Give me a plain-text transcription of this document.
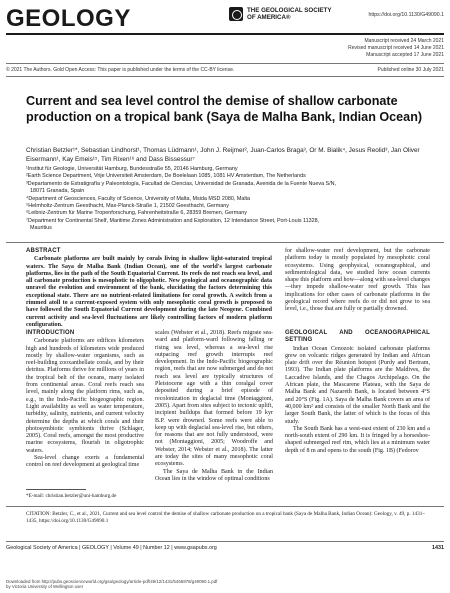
GEOLOGY	THE GEOLOGICAL SOCIETY
OF AMERICA®	https://doi.org/10.1130/G49090.1
Manuscript received 24 March 2021
Revised manuscript received 14 June 2021
Manuscript accepted 17 June 2021
© 2021 The Authors. Gold Open Access: This paper is published under the terms of the CC-BY license.	Published online 30 July 2021
Current and sea level control the demise of shallow carbonate production on a tropical bank (Saya de Malha Bank, Indian Ocean)
Christian Betzler¹*, Sebastian Lindhorst¹, Thomas Lüdmann¹, John J. Reijmer², Juan-Carlos Braga³, Or M. Bialik⁴, Jesus Reolid³, Jan Oliver Eisermann¹, Kay Emeis¹⁵, Tim Rixen¹⁶ and Dass Bissessur⁷
¹Institut für Geologie, Universität Hamburg, Bundesstraße 55, 20146 Hamburg, Germany
²Earth Science Department, Vrije Universiteit Amsterdam, De Boelelaan 1085, 1081 HV Amsterdam, The Netherlands
³Departamento de Estratigrafía y Paleontología, Facultad de Ciencias, Universidad de Granada, Avenida de la Fuente Nueva S/N,
18071 Granada, Spain
⁴Department of Geosciences, Faculty of Science, University of Malta, Msida MSD 2080, Malta
⁵Helmholtz-Zentrum Geesthacht, Max-Planck-Straße 1, 21502 Geesthacht, Germany
⁶Leibniz-Zentrum für Marine Tropenforschung, Fahrenheitstraße 6, 28359 Bremen, Germany
⁷Department for Continental Shelf, Maritime Zones Administration and Exploration, 12 Intendance Street, Port-Louis 11328,
Mauritius
ABSTRACT

Carbonate platforms are built mainly by corals living in shallow light-saturated tropical waters. The Saya de Malha Bank (Indian Ocean), one of the world's largest carbonate platforms, lies in the path of the South Equatorial Current. Its reefs do not reach sea level, and all carbonate production is mesophotic to oligophotic. New geological and oceanographic data unravel the evolution and environment of the bank, elucidating the factors determining this exceptional state. There are no nutrient-related limitations for coral growth. A switch from a rimmed atoll to a current-exposed system with only mesophotic coral growth is proposed to have followed the South Equatorial Current development during the late Neogene. Combined current activity and sea-level fluctuations are likely controlling factors of modern platform configuration.

for shallow-water reef development, but the carbonate platform today is mostly populated by mesophotic coral ecosystems. Using geophysical, oceanographical, and sedimentological data, we studied how ocean currents shape this platform and how—along with sea-level changes—they impede shallow-water reef growth. This has implications for other cases of carbonate platforms in the geological record where reefs do or did not grow to sea level, i.e., those that are fully or partially drowned.

INTRODUCTION

Carbonate platforms are edifices kilometers high and hundreds of kilometers wide produced mostly by shallow-water organisms, such as reef-building zooxanthellate corals, and by their detritus. Platforms thrive for millions of years in the tropical belt of the oceans, many isolated from continental areas. Coral reefs reach sea level, mainly along the platform rims, such as, e.g., in the Indo-Pacific biogeographic region. Light availability as well as water temperature, turbidity, salinity, nutrients, and current velocity determine the depths at which corals and their photosymbiotic symbionts thrive (Schlager, 2005). Coral reefs, amongst the most productive marine ecosystems, flourish in oligotrophic waters.

Sea-level change exerts a fundamental control on reef development at geological time

scales (Webster et al., 2018). Reefs migrate sea-ward and platform-ward following falling or rising sea level, whereas a sea-level rise outpacing reef growth interrupts reef development. In the Indo-Pacific biogeographic region, reefs that are now submerged and do not reach sea level are typically structures of Pleistocene age with a thin coralgal cover deposited during a brief episode of recolonization in deglacial time (Montaggioni, 2005). Apart from sites subject to tectonic uplift, incipient buildups that formed before 19 kyr B.P. were drowned. Some reefs were able to keep up with deglacial sea-level rise, but others, for reasons that are not fully understood, were not (Montaggioni, 2005; Woodroffe and Webster, 2014; Webster et al., 2018). The latter are today the sites of many mesophotic coral ecosystems.

The Saya de Malha Bank in the Indian Ocean lies in the window of optimal conditions

GEOLOGICAL AND OCEANOGRAPHICAL SETTING

Indian Ocean Cenozoic isolated carbonate platforms grew on volcanic ridges generated by Indian and African plate drift over the Réunion hotspot (Purdy and Bertram, 1993). The Indian plate platforms are the Maldives, the Laccadive Islands, and the Chagos Archipelago. On the African plate, the Mascarene Plateau, with the Saya de Malha Bank and Nazareth Bank, is located between 4°S and 20°S (Fig. 1A). Saya de Malha Bank covers an area of 40,000 km² and consists of the smaller North Bank and the larger South Bank, the latter of which is the focus of this study.

The South Bank has a west-east extent of 230 km and a north-south extent of 290 km. It is fringed by a horseshoe-shaped submerged reef rim, which lies at a minimum water depth of 8 m and opens to the south (Fig. 1B) (Fedorov

*E-mail: christian.betzler@uni-hamburg.de
CITATION: Betzler, C., et al., 2021, Current and sea level control the demise of shallow carbonate production on a tropical bank (Saya de Malha Bank, Indian Ocean): Geology, v. 49, p. 1431–1435, https://doi.org/10.1130/G49090.1
Geological Society of America | GEOLOGY | Volume 49 | Number 12 | www.gsapubs.org	1431
Downloaded from http://pubs.geoscienceworld.org/gsa/geology/article-pdf/49/12/1431/5465978/g49090.1.pdf
by Victoria University of Wellington user
